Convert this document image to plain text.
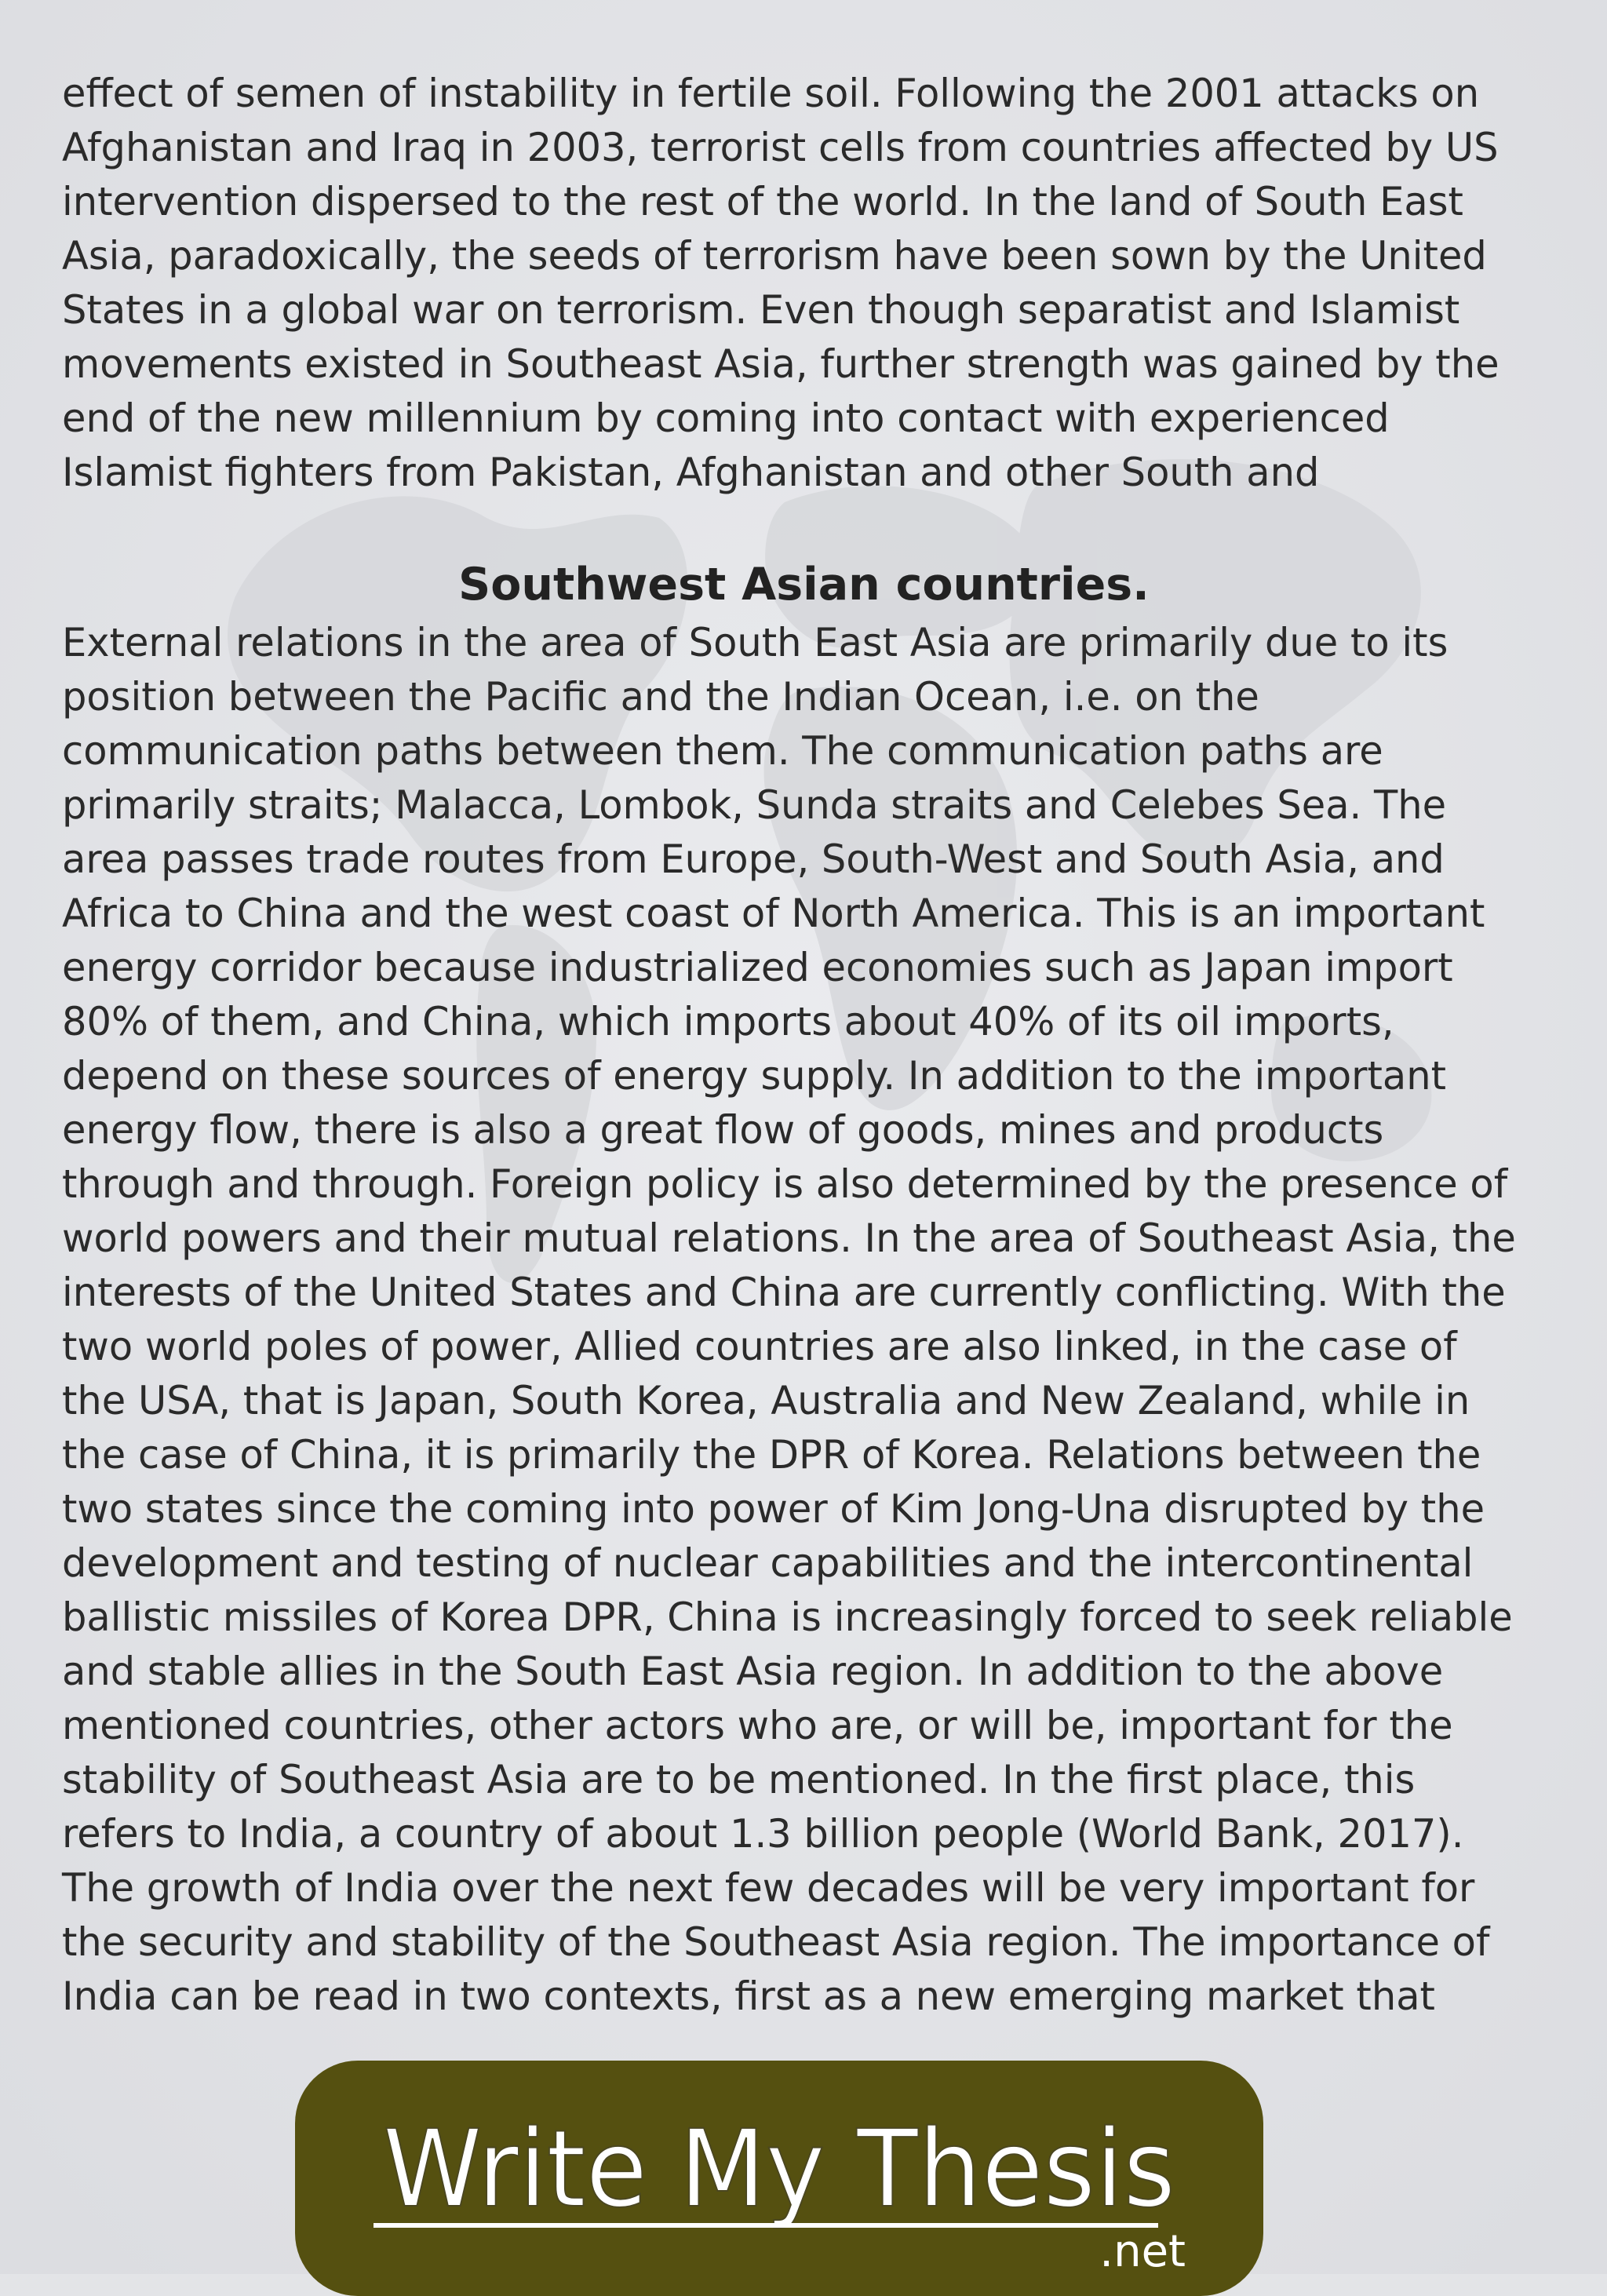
effect of semen of instability in fertile soil. Following the 2001 attacks on
Afghanistan and Iraq in 2003, terrorist cells from countries affected by US
intervention dispersed to the rest of the world. In the land of South East
Asia, paradoxically, the seeds of terrorism have been sown by the United
States in a global war on terrorism. Even though separatist and Islamist
movements existed in Southeast Asia, further strength was gained by the
end of the new millennium by coming into contact with experienced
Islamist fighters from Pakistan, Afghanistan and other South and

Southwest Asian countries.

External relations in the area of South East Asia are primarily due to its
position between the Pacific and the Indian Ocean, i.e. on the
communication paths between them. The communication paths are
primarily straits; Malacca, Lombok, Sunda straits and Celebes Sea. The
area passes trade routes from Europe, South-West and South Asia, and
Africa to China and the west coast of North America. This is an important
energy corridor because industrialized economies such as Japan import
80% of them, and China, which imports about 40% of its oil imports,
depend on these sources of energy supply. In addition to the important
energy flow, there is also a great flow of goods, mines and products
through and through. Foreign policy is also determined by the presence of
world powers and their mutual relations. In the area of Southeast Asia, the
interests of the United States and China are currently conflicting. With the
two world poles of power, Allied countries are also linked, in the case of
the USA, that is Japan, South Korea, Australia and New Zealand, while in
the case of China, it is primarily the DPR of Korea. Relations between the
two states since the coming into power of Kim Jong-Una disrupted by the
development and testing of nuclear capabilities and the intercontinental
ballistic missiles of Korea DPR, China is increasingly forced to seek reliable
and stable allies in the South East Asia region. In addition to the above
mentioned countries, other actors who are, or will be, important for the
stability of Southeast Asia are to be mentioned. In the first place, this
refers to India, a country of about 1.3 billion people (World Bank, 2017).
The growth of India over the next few decades will be very important for
the security and stability of the Southeast Asia region. The importance of
India can be read in two contexts, first as a new emerging market that

Write My Thesis
.net
